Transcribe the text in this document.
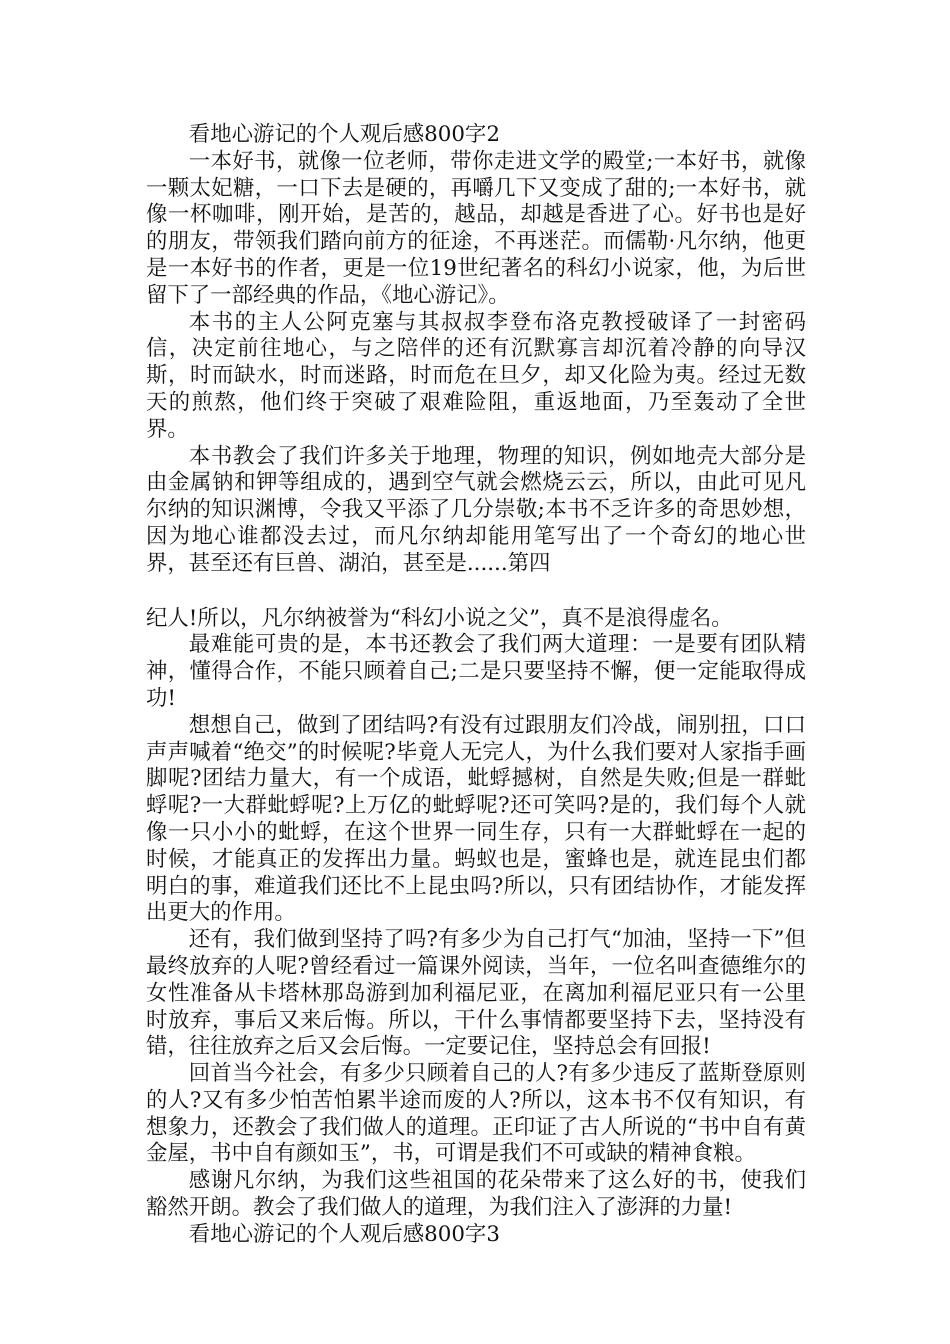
看地心游记的个人观后感800字2

一本好书，就像一位老师，带你走进文学的殿堂;一本好书，就像一颗太妃糖，一口下去是硬的，再嚼几下又变成了甜的;一本好书，就像一杯咖啡，刚开始，是苦的，越品，却越是香进了心。好书也是好的朋友，带领我们踏向前方的征途，不再迷茫。而儒勒·凡尔纳，他更是一本好书的作者，更是一位19世纪著名的科幻小说家，他，为后世留下了一部经典的作品，《地心游记》。

本书的主人公阿克塞与其叔叔李登布洛克教授破译了一封密码信，决定前往地心，与之陪伴的还有沉默寡言却沉着冷静的向导汉斯，时而缺水，时而迷路，时而危在旦夕，却又化险为夷。经过无数天的煎熬，他们终于突破了艰难险阻，重返地面，乃至轰动了全世界。

本书教会了我们许多关于地理，物理的知识，例如地壳大部分是由金属钠和钾等组成的，遇到空气就会燃烧云云，所以，由此可见凡尔纳的知识渊博，令我又平添了几分崇敬;本书不乏许多的奇思妙想，因为地心谁都没去过，而凡尔纳却能用笔写出了一个奇幻的地心世界，甚至还有巨兽、湖泊，甚至是......第四

纪人!所以，凡尔纳被誉为“科幻小说之父”，真不是浪得虚名。

最难能可贵的是，本书还教会了我们两大道理：一是要有团队精神，懂得合作，不能只顾着自己;二是只要坚持不懈，便一定能取得成功!

想想自己，做到了团结吗?有没有过跟朋友们冷战，闹别扭，口口声声喊着“绝交”的时候呢?毕竟人无完人，为什么我们要对人家指手画脚呢?团结力量大，有一个成语，蚍蜉撼树，自然是失败;但是一群蚍蜉呢?一大群蚍蜉呢?上万亿的蚍蜉呢?还可笑吗?是的，我们每个人就像一只小小的蚍蜉，在这个世界一同生存，只有一大群蚍蜉在一起的时候，才能真正的发挥出力量。蚂蚁也是，蜜蜂也是，就连昆虫们都明白的事，难道我们还比不上昆虫吗?所以，只有团结协作，才能发挥出更大的作用。

还有，我们做到坚持了吗?有多少为自己打气“加油，坚持一下”但最终放弃的人呢?曾经看过一篇课外阅读，当年，一位名叫查德维尔的女性准备从卡塔林那岛游到加利福尼亚，在离加利福尼亚只有一公里时放弃，事后又来后悔。所以，干什么事情都要坚持下去，坚持没有错，往往放弃之后又会后悔。一定要记住，坚持总会有回报!

回首当今社会，有多少只顾着自己的人?有多少违反了蓝斯登原则的人?又有多少怕苦怕累半途而废的人?所以，这本书不仅有知识，有想象力，还教会了我们做人的道理。正印证了古人所说的“书中自有黄金屋，书中自有颜如玉”，书，可谓是我们不可或缺的精神食粮。

感谢凡尔纳，为我们这些祖国的花朵带来了这么好的书，使我们豁然开朗。教会了我们做人的道理，为我们注入了澎湃的力量!

看地心游记的个人观后感800字3
